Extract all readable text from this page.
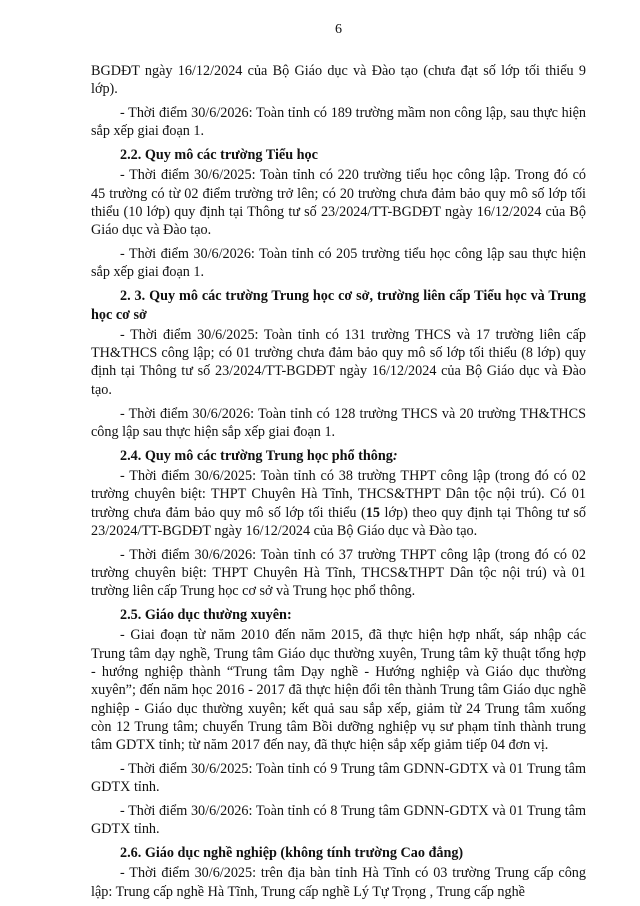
6

BGDĐT ngày 16/12/2024 của Bộ Giáo dục và Đào tạo (chưa đạt số lớp tối thiểu 9 lớp).

- Thời điểm 30/6/2026: Toàn tỉnh có 189 trường mầm non công lập, sau thực hiện sắp xếp giai đoạn 1.

2.2. Quy mô các trường Tiểu học

- Thời điểm 30/6/2025: Toàn tỉnh có 220 trường tiểu học công lập. Trong đó có 45 trường có từ 02 điểm trường trở lên; có 20 trường chưa đảm bảo quy mô số lớp tối thiểu (10 lớp) quy định tại Thông tư số 23/2024/TT-BGDĐT ngày 16/12/2024 của Bộ Giáo dục và Đào tạo.

- Thời điểm 30/6/2026: Toàn tỉnh có 205 trường tiểu học công lập sau thực hiện sắp xếp giai đoạn 1.

2. 3. Quy mô các trường Trung học cơ sở, trường liên cấp Tiểu học và Trung học cơ sở

- Thời điểm 30/6/2025: Toàn tỉnh có 131 trường THCS và 17 trường liên cấp TH&THCS công lập; có 01 trường chưa đảm bảo quy mô số lớp tối thiểu (8 lớp) quy định tại Thông tư số 23/2024/TT-BGDĐT ngày 16/12/2024 của Bộ Giáo dục và Đào tạo.

- Thời điểm 30/6/2026: Toàn tỉnh có 128 trường THCS và 20 trường TH&THCS công lập sau thực hiện sắp xếp giai đoạn 1.

2.4. Quy mô các trường Trung học phổ thông:

- Thời điểm 30/6/2025: Toàn tỉnh có 38 trường THPT công lập (trong đó có 02 trường chuyên biệt: THPT Chuyên Hà Tĩnh, THCS&THPT Dân tộc nội trú). Có 01 trường chưa đảm bảo quy mô số lớp tối thiểu (15 lớp) theo quy định tại Thông tư số 23/2024/TT-BGDĐT ngày 16/12/2024 của Bộ Giáo dục và Đào tạo.

- Thời điểm 30/6/2026: Toàn tỉnh có 37 trường THPT công lập (trong đó có 02 trường chuyên biệt: THPT Chuyên Hà Tĩnh, THCS&THPT Dân tộc nội trú) và 01 trường liên cấp Trung học cơ sở và Trung học phổ thông.

2.5. Giáo dục thường xuyên:

- Giai đoạn từ năm 2010 đến năm 2015, đã thực hiện hợp nhất, sáp nhập các Trung tâm dạy nghề, Trung tâm Giáo dục thường xuyên, Trung tâm kỹ thuật tổng hợp - hướng nghiệp thành “Trung tâm Dạy nghề - Hướng nghiệp và Giáo dục thường xuyên”; đến năm học 2016 - 2017 đã thực hiện đổi tên thành Trung tâm Giáo dục nghề nghiệp - Giáo dục thường xuyên; kết quả sau sắp xếp, giảm từ 24 Trung tâm xuống còn 12 Trung tâm; chuyển Trung tâm Bồi dưỡng nghiệp vụ sư phạm tỉnh thành trung tâm GDTX tỉnh; từ năm 2017 đến nay, đã thực hiện sắp xếp giảm tiếp 04 đơn vị.

- Thời điểm 30/6/2025: Toàn tỉnh có 9 Trung tâm GDNN-GDTX và 01 Trung tâm GDTX tỉnh.

- Thời điểm 30/6/2026: Toàn tỉnh có 8 Trung tâm GDNN-GDTX và 01 Trung tâm GDTX tỉnh.

2.6. Giáo dục nghề nghiệp (không tính trường Cao đẳng)

- Thời điểm 30/6/2025: trên địa bàn tỉnh Hà Tĩnh có 03 trường Trung cấp công lập: Trung cấp nghề Hà Tĩnh, Trung cấp nghề Lý Tự Trọng , Trung cấp nghề
